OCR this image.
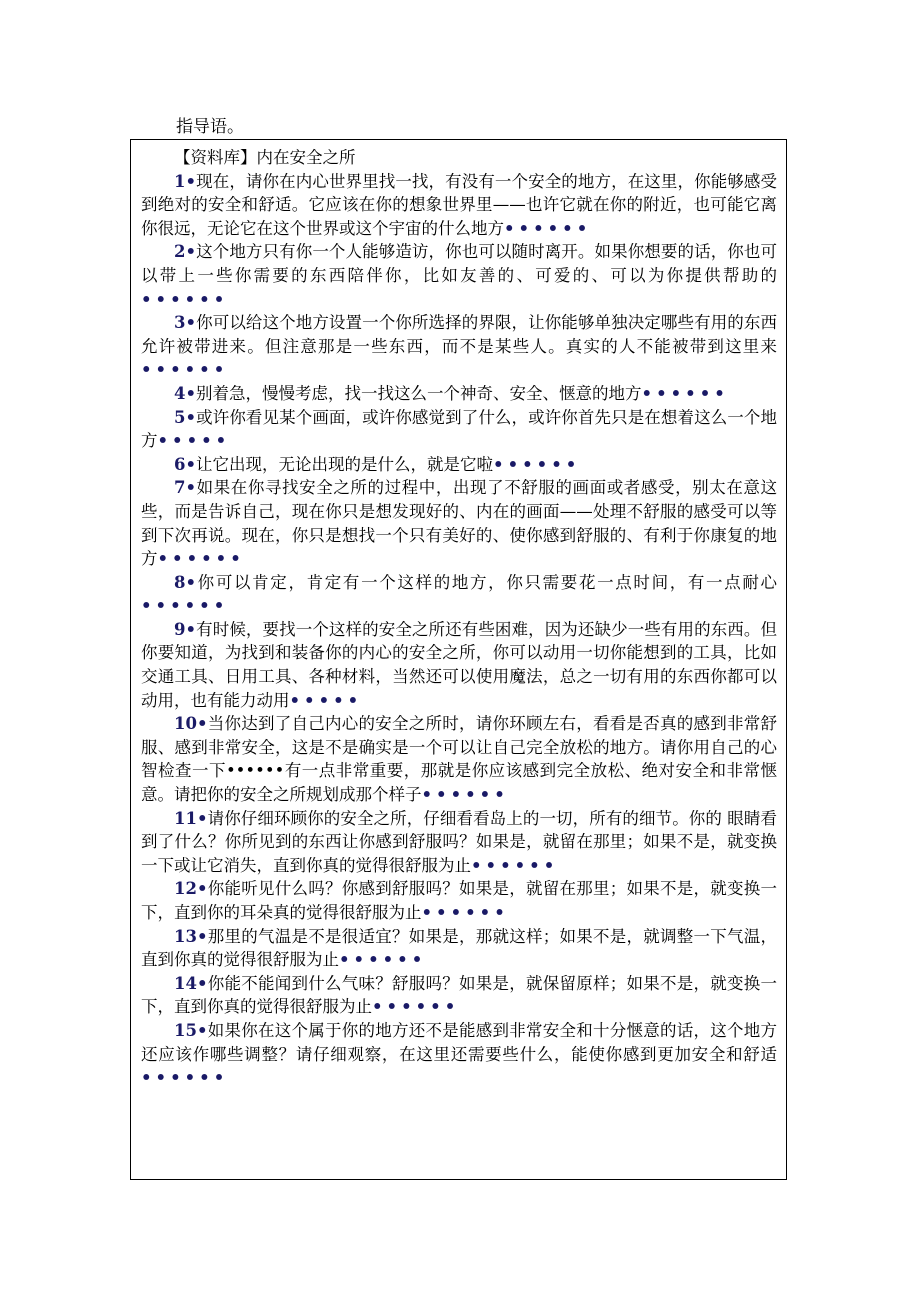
指导语。

【资料库】内在安全之所

1•现在，请你在内心世界里找一找，有没有一个安全的地方，在这里，你能够感受到绝对的安全和舒适。它应该在你的想象世界里——也许它就在你的附近，也可能它离你很远，无论它在这个世界或这个宇宙的什么地方••••••

2•这个地方只有你一个人能够造访，你也可以随时离开。如果你想要的话，你也可以带上一些你需要的东西陪伴你，比如友善的、可爱的、可以为你提供帮助的••••••

3•你可以给这个地方设置一个你所选择的界限，让你能够单独决定哪些有用的东西允许被带进来。但注意那是一些东西，而不是某些人。真实的人不能被带到这里来••••••

4•别着急，慢慢考虑，找一找这么一个神奇、安全、惬意的地方••••••

5•或许你看见某个画面，或许你感觉到了什么，或许你首先只是在想着这么一个地方•••••

6•让它出现，无论出现的是什么，就是它啦••••••

7•如果在你寻找安全之所的过程中，出现了不舒服的画面或者感受，别太在意这些，而是告诉自己，现在你只是想发现好的、内在的画面——处理不舒服的感受可以等到下次再说。现在，你只是想找一个只有美好的、使你感到舒服的、有利于你康复的地方••••••

8•你可以肯定，肯定有一个这样的地方，你只需要花一点时间，有一点耐心••••••

9•有时候，要找一个这样的安全之所还有些困难，因为还缺少一些有用的东西。但你要知道，为找到和装备你的内心的安全之所，你可以动用一切你能想到的工具，比如交通工具、日用工具、各种材料，当然还可以使用魔法，总之一切有用的东西你都可以动用，也有能力动用•••••

10•当你达到了自己内心的安全之所时，请你环顾左右，看看是否真的感到非常舒服、感到非常安全，这是不是确实是一个可以让自己完全放松的地方。请你用自己的心智检查一下••••••有一点非常重要，那就是你应该感到完全放松、绝对安全和非常惬意。请把你的安全之所规划成那个样子••••••

11•请你仔细环顾你的安全之所，仔细看看岛上的一切，所有的细节。你的 眼睛看到了什么？你所见到的东西让你感到舒服吗？如果是，就留在那里；如果不是，就变换一下或让它消失，直到你真的觉得很舒服为止••••••

12•你能听见什么吗？你感到舒服吗？如果是，就留在那里；如果不是，就变换一下，直到你的耳朵真的觉得很舒服为止••••••

13•那里的气温是不是很适宜？如果是，那就这样；如果不是，就调整一下气温，直到你真的觉得很舒服为止••••••

14•你能不能闻到什么气味？舒服吗？如果是，就保留原样；如果不是，就变换一下，直到你真的觉得很舒服为止••••••

15•如果你在这个属于你的地方还不是能感到非常安全和十分惬意的话，这个地方还应该作哪些调整？请仔细观察，在这里还需要些什么，能使你感到更加安全和舒适••••••
